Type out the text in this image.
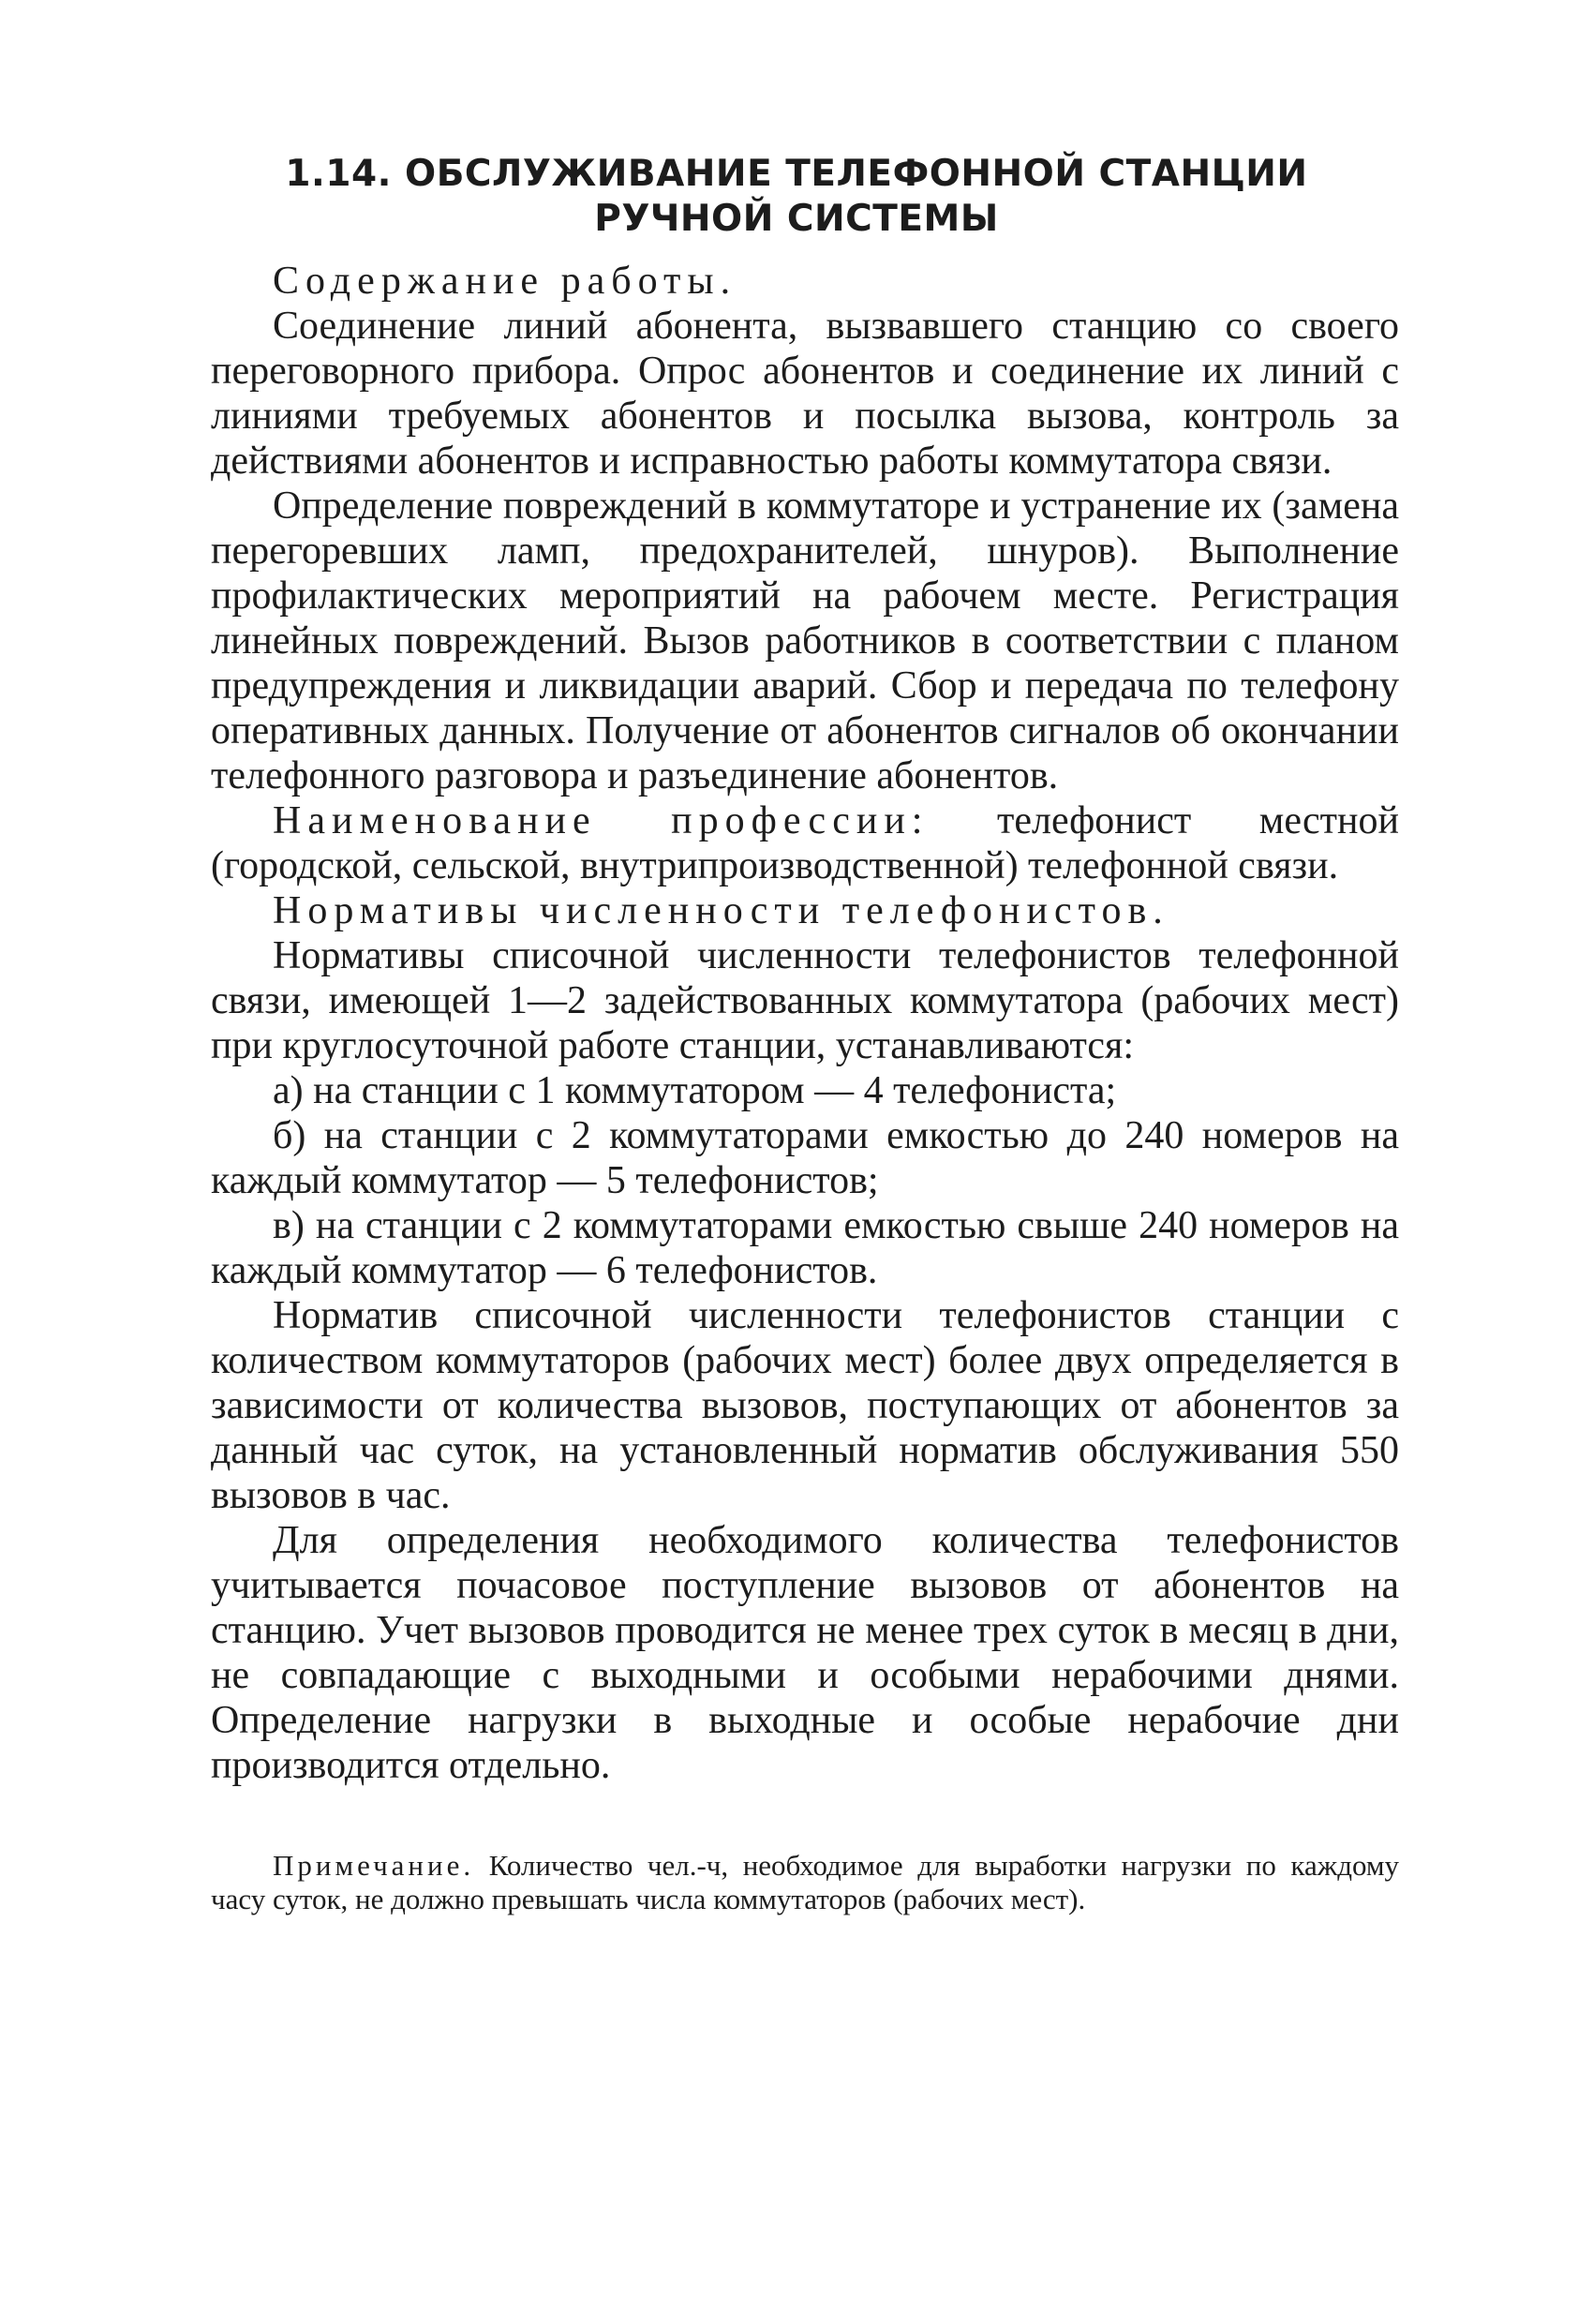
1.14. ОБСЛУЖИВАНИЕ ТЕЛЕФОННОЙ СТАНЦИИ
РУЧНОЙ СИСТЕМЫ

Содержание работы.

Соединение линий абонента, вызвавшего станцию со своего переговорного прибора. Опрос абонентов и соединение их линий с линиями требуемых абонентов и посылка вызова, контроль за действиями абонентов и исправностью работы коммутатора связи.

Определение повреждений в коммутаторе и устранение их (замена перегоревших ламп, предохранителей, шнуров). Выполнение профилактических мероприятий на рабочем месте. Регистрация линейных повреждений. Вызов работников в соответствии с планом предупреждения и ликвидации аварий. Сбор и передача по телефону оперативных данных. Получение от абонентов сигналов об окончании телефонного разговора и разъединение абонентов.

Наименование профессии: телефонист местной (городской, сельской, внутрипроизводственной) телефонной связи.

Нормативы численности телефонистов.

Нормативы списочной численности телефонистов телефонной связи, имеющей 1—2 задействованных коммутатора (рабочих мест) при круглосуточной работе станции, устанавливаются:

а) на станции с 1 коммутатором — 4 телефониста;

б) на станции с 2 коммутаторами емкостью до 240 номеров на каждый коммутатор — 5 телефонистов;

в) на станции с 2 коммутаторами емкостью свыше 240 номеров на каждый коммутатор — 6 телефонистов.

Норматив списочной численности телефонистов станции с количеством коммутаторов (рабочих мест) более двух определяется в зависимости от количества вызовов, поступающих от абонентов за данный час суток, на установленный норматив обслуживания 550 вызовов в час.

Для определения необходимого количества телефонистов учитывается почасовое поступление вызовов от абонентов на станцию. Учет вызовов проводится не менее трех суток в месяц в дни, не совпадающие с выходными и особыми нерабочими днями. Определение нагрузки в выходные и особые нерабочие дни производится отдельно.

Примечание. Количество чел.-ч, необходимое для выработки нагрузки по каждому часу суток, не должно превышать числа коммутаторов (рабочих мест).
